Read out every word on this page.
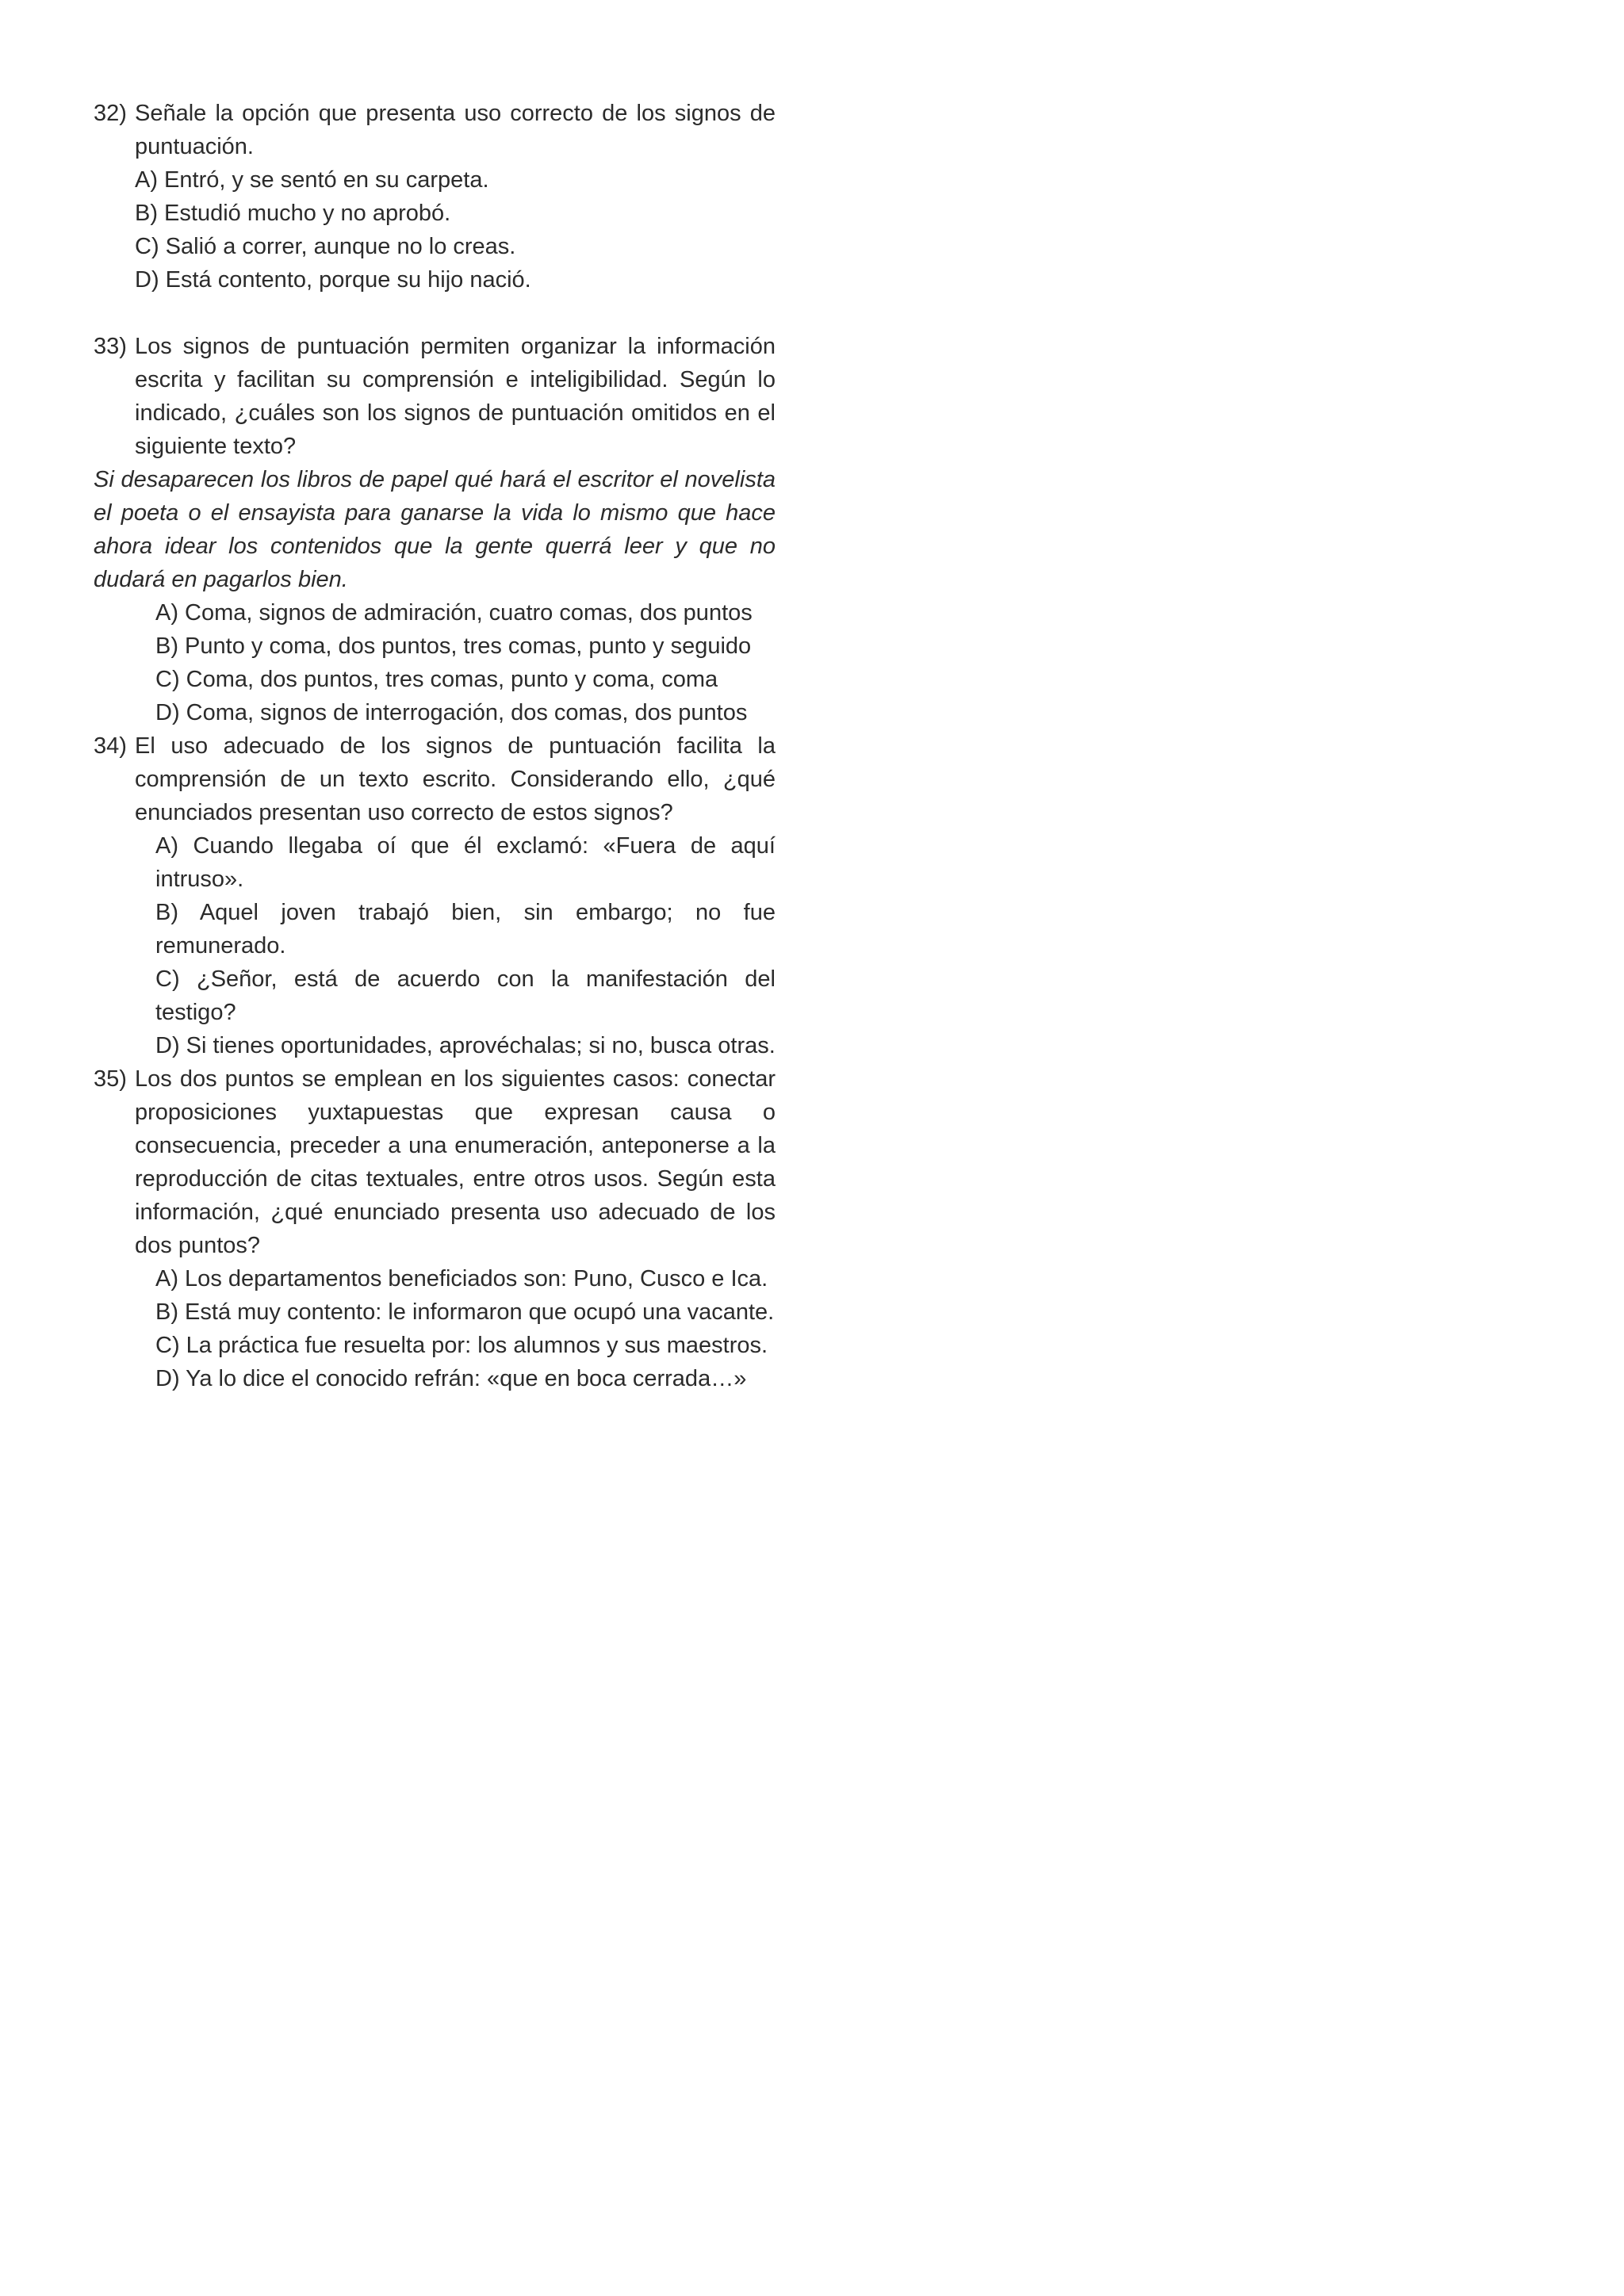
32) Señale la opción que presenta uso correcto de los signos de puntuación.
A) Entró, y se sentó en su carpeta.
B) Estudió mucho y no aprobó.
C) Salió a correr, aunque no lo creas.
D) Está contento, porque su hijo nació.
33) Los signos de puntuación permiten organizar la información escrita y facilitan su comprensión e inteligibilidad. Según lo indicado, ¿cuáles son los signos de puntuación omitidos en el siguiente texto?
Si desaparecen los libros de papel qué hará el escritor el novelista el poeta o el ensayista para ganarse la vida lo mismo que hace ahora idear los contenidos que la gente querrá leer y que no dudará en pagarlos bien.
A) Coma, signos de admiración, cuatro comas, dos puntos
B) Punto y coma, dos puntos, tres comas, punto y seguido
C) Coma, dos puntos, tres comas, punto y coma, coma
D) Coma, signos de interrogación, dos comas, dos puntos
34) El uso adecuado de los signos de puntuación facilita la comprensión de un texto escrito. Considerando ello, ¿qué enunciados presentan uso correcto de estos signos?
A) Cuando llegaba oí que él exclamó: «Fuera de aquí intruso».
B) Aquel joven trabajó bien, sin embargo; no fue remunerado.
C) ¿Señor, está de acuerdo con la manifestación del testigo?
D) Si tienes oportunidades, aprovéchalas; si no, busca otras.
35) Los dos puntos se emplean en los siguientes casos: conectar proposiciones yuxtapuestas que expresan causa o consecuencia, preceder a una enumeración, anteponerse a la reproducción de citas textuales, entre otros usos. Según esta información, ¿qué enunciado presenta uso adecuado de los dos puntos?
A) Los departamentos beneficiados son: Puno, Cusco e Ica.
B) Está muy contento: le informaron que ocupó una vacante.
C) La práctica fue resuelta por: los alumnos y sus maestros.
D) Ya lo dice el conocido refrán: «que en boca cerrada…»
